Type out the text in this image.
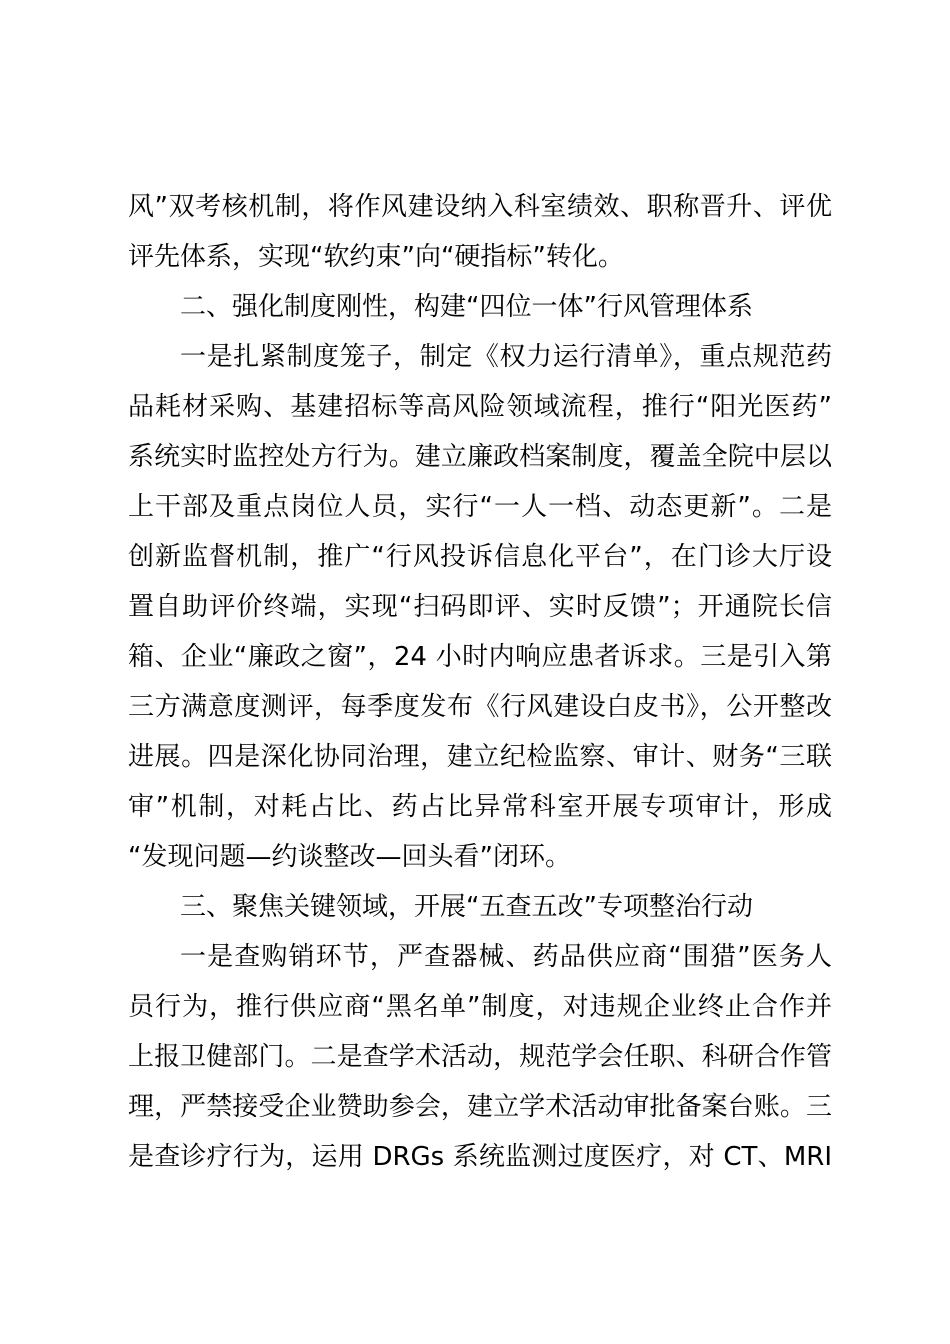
风”双考核机制，将作风建设纳入科室绩效、职称晋升、评优
评先体系，实现“软约束”向“硬指标”转化。
二、强化制度刚性，构建“四位一体”行风管理体系
一是扎紧制度笼子，制定《权力运行清单》，重点规范药
品耗材采购、基建招标等高风险领域流程，推行“阳光医药”
系统实时监控处方行为。建立廉政档案制度，覆盖全院中层以
上干部及重点岗位人员，实行“一人一档、动态更新”。二是
创新监督机制，推广“行风投诉信息化平台”，在门诊大厅设
置自助评价终端，实现“扫码即评、实时反馈”；开通院长信
箱、企业“廉政之窗”，24 小时内响应患者诉求。三是引入第
三方满意度测评，每季度发布《行风建设白皮书》，公开整改
进展。四是深化协同治理，建立纪检监察、审计、财务“三联
审”机制，对耗占比、药占比异常科室开展专项审计，形成
“发现问题—约谈整改—回头看”闭环。
三、聚焦关键领域，开展“五查五改”专项整治行动
一是查购销环节，严查器械、药品供应商“围猎”医务人
员行为，推行供应商“黑名单”制度，对违规企业终止合作并
上报卫健部门。二是查学术活动，规范学会任职、科研合作管
理，严禁接受企业赞助参会，建立学术活动审批备案台账。三
是查诊疗行为，运用 DRGs 系统监测过度医疗，对 CT、MRI
